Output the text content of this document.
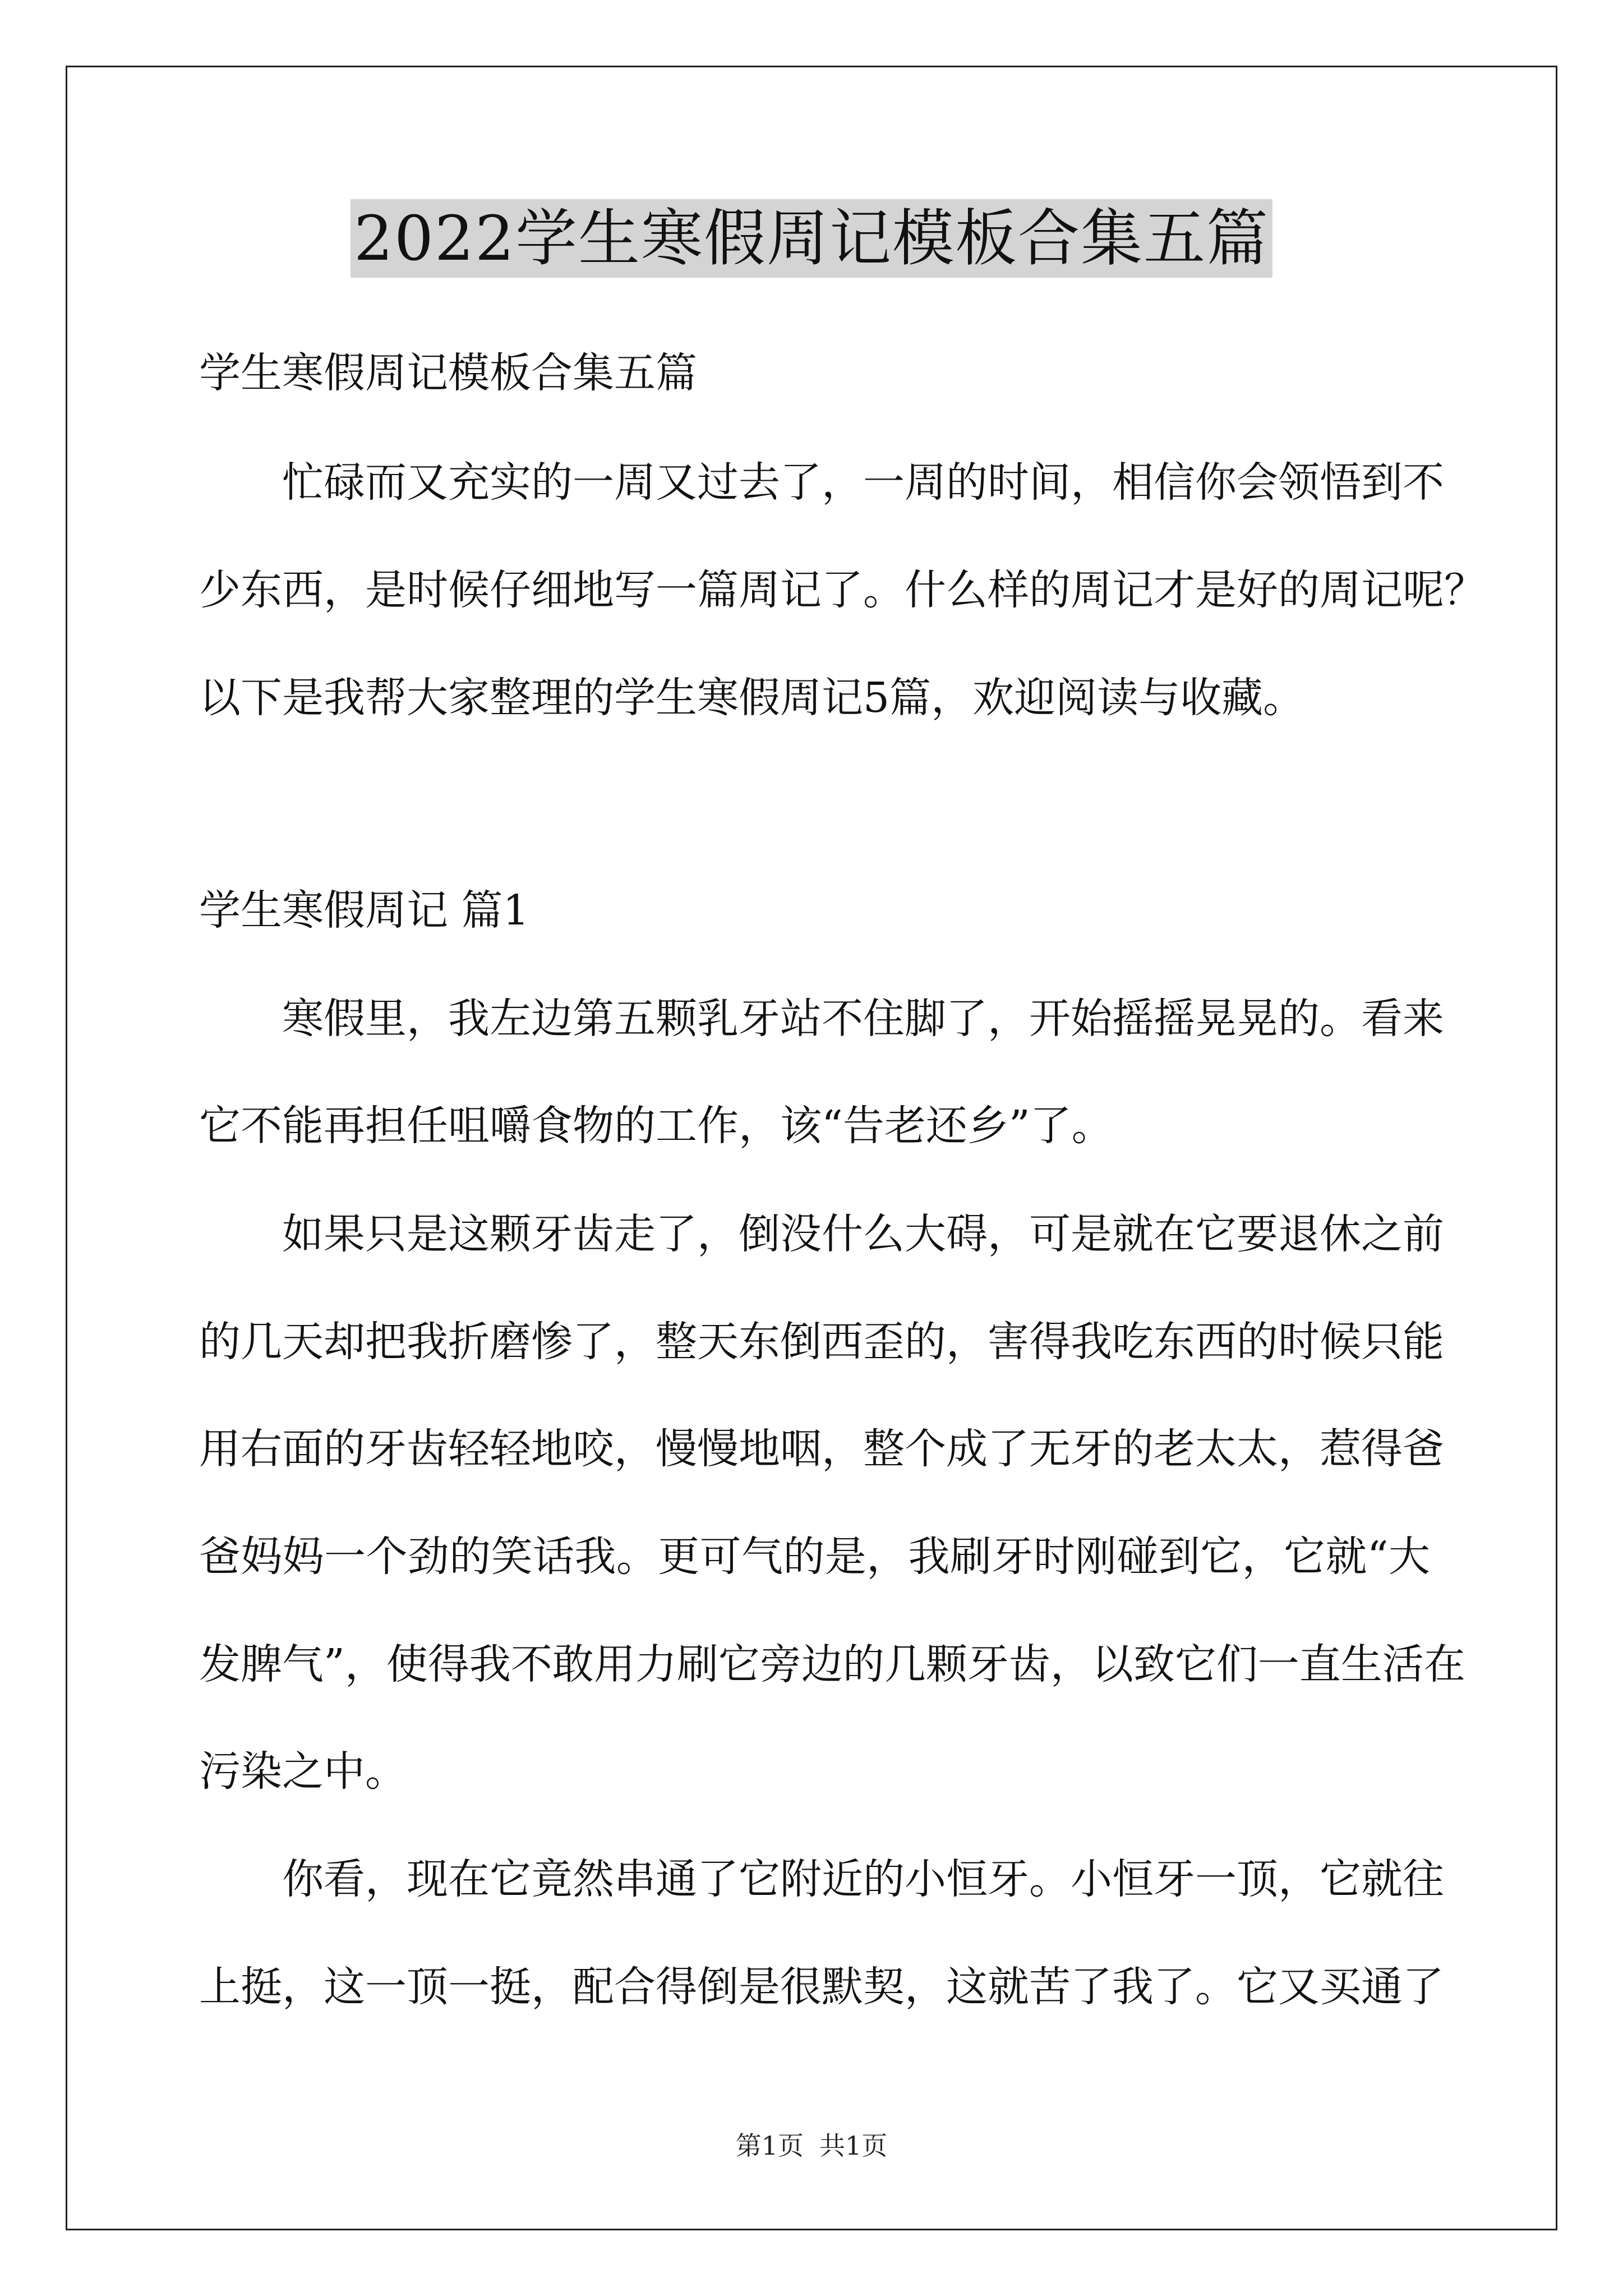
2022学生寒假周记模板合集五篇
学生寒假周记模板合集五篇
忙碌而又充实的一周又过去了，一周的时间，相信你会领悟到不
少东西，是时候仔细地写一篇周记了。什么样的周记才是好的周记呢？
以下是我帮大家整理的学生寒假周记5篇，欢迎阅读与收藏。
学生寒假周记 篇1
寒假里，我左边第五颗乳牙站不住脚了，开始摇摇晃晃的。看来
它不能再担任咀嚼食物的工作，该“告老还乡”了。
如果只是这颗牙齿走了，倒没什么大碍，可是就在它要退休之前
的几天却把我折磨惨了，整天东倒西歪的，害得我吃东西的时候只能
用右面的牙齿轻轻地咬，慢慢地咽，整个成了无牙的老太太，惹得爸
爸妈妈一个劲的笑话我。更可气的是，我刷牙时刚碰到它，它就“大
发脾气”，使得我不敢用力刷它旁边的几颗牙齿，以致它们一直生活在
污染之中。
你看，现在它竟然串通了它附近的小恒牙。小恒牙一顶，它就往
上挺，这一顶一挺，配合得倒是很默契，这就苦了我了。它又买通了
第1页 共1页
